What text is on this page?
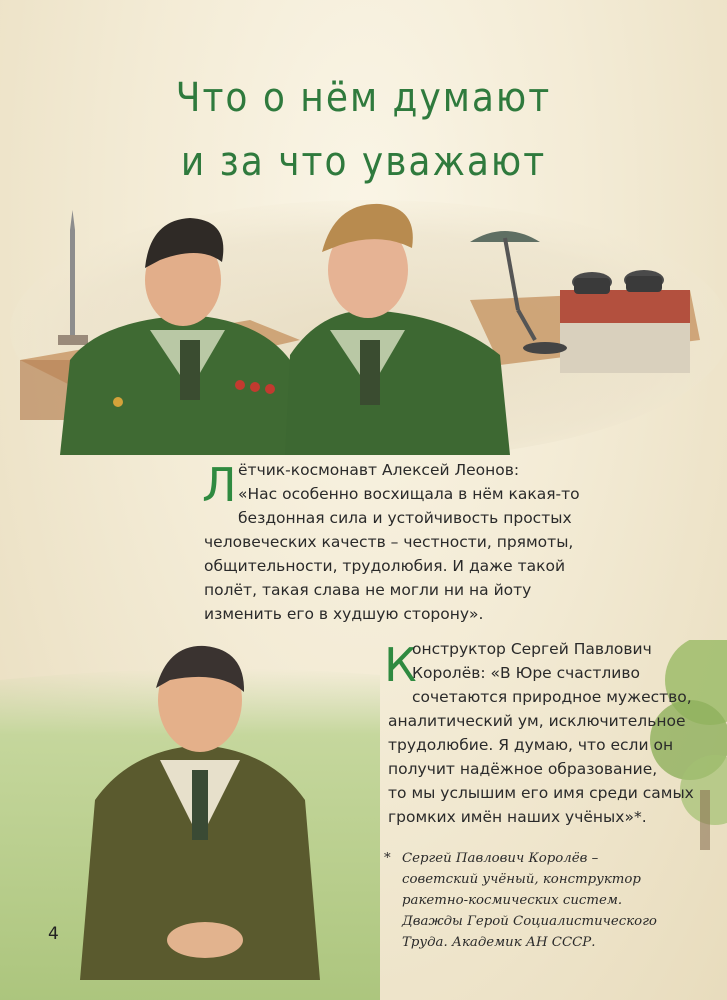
Что о нём думают
и за что уважают
Л ётчик-космонавт Алексей Леонов:
«Нас особенно восхищала в нём какая-то
бездонная сила и устойчивость простых
человеческих качеств – честности, прямоты,
общительности, трудолюбия. И даже такой
полёт, такая слава не могли ни на йоту
изменить его в худшую сторону».
К
онструктор Сергей Павлович
Королёв: «В Юре счастливо
сочетаются природное мужество,
аналитический ум, исключительное
трудолюбие. Я думаю, что если он
получит надёжное образование,
то мы услышим его имя среди самых
громких имён наших учёных»*.
* Сергей Павлович Королёв –
советский учёный, конструктор
ракетно-космических систем.
Дважды Герой Социалистического
Труда. Академик АН СССР.
4
